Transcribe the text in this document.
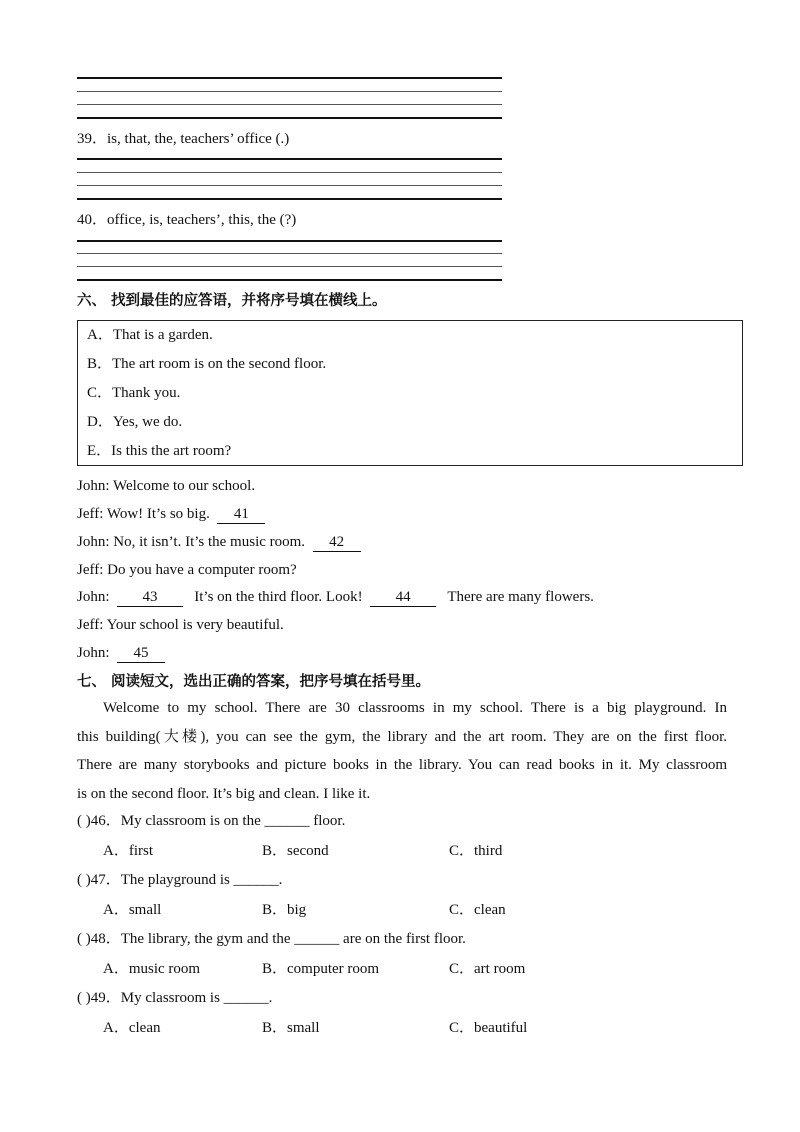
39．is, that, the, teachers’ office (.)
40．office, is, teachers’, this, the (?)
六、 找到最佳的应答语，并将序号填在横线上。
A．That is a garden.
B．The art room is on the second floor.
C．Thank you.
D．Yes, we do.
E．Is this the art room?
John: Welcome to our school.
Jeff: Wow! It’s so big. 41
John: No, it isn’t. It’s the music room. 42
Jeff: Do you have a computer room?
John: 43 It’s on the third floor. Look! 44 There are many flowers.
Jeff: Your school is very beautiful.
John: 45
七、 阅读短文，选出正确的答案，把序号填在括号里。
Welcome to my school. There are 30 classrooms in my school. There is a big playground. In
this building(大楼), you can see the gym, the library and the art room. They are on the first floor.
There are many storybooks and picture books in the library. You can read books in it. My classroom
is on the second floor. It’s big and clean. I like it.
( )46．My classroom is on the ______ floor.
A．first	B．second	C．third
( )47．The playground is ______.
A．small	B．big	C．clean
( )48．The library, the gym and the ______ are on the first floor.
A．music room	B．computer room	C．art room
( )49．My classroom is ______.
A．clean	B．small	C．beautiful
